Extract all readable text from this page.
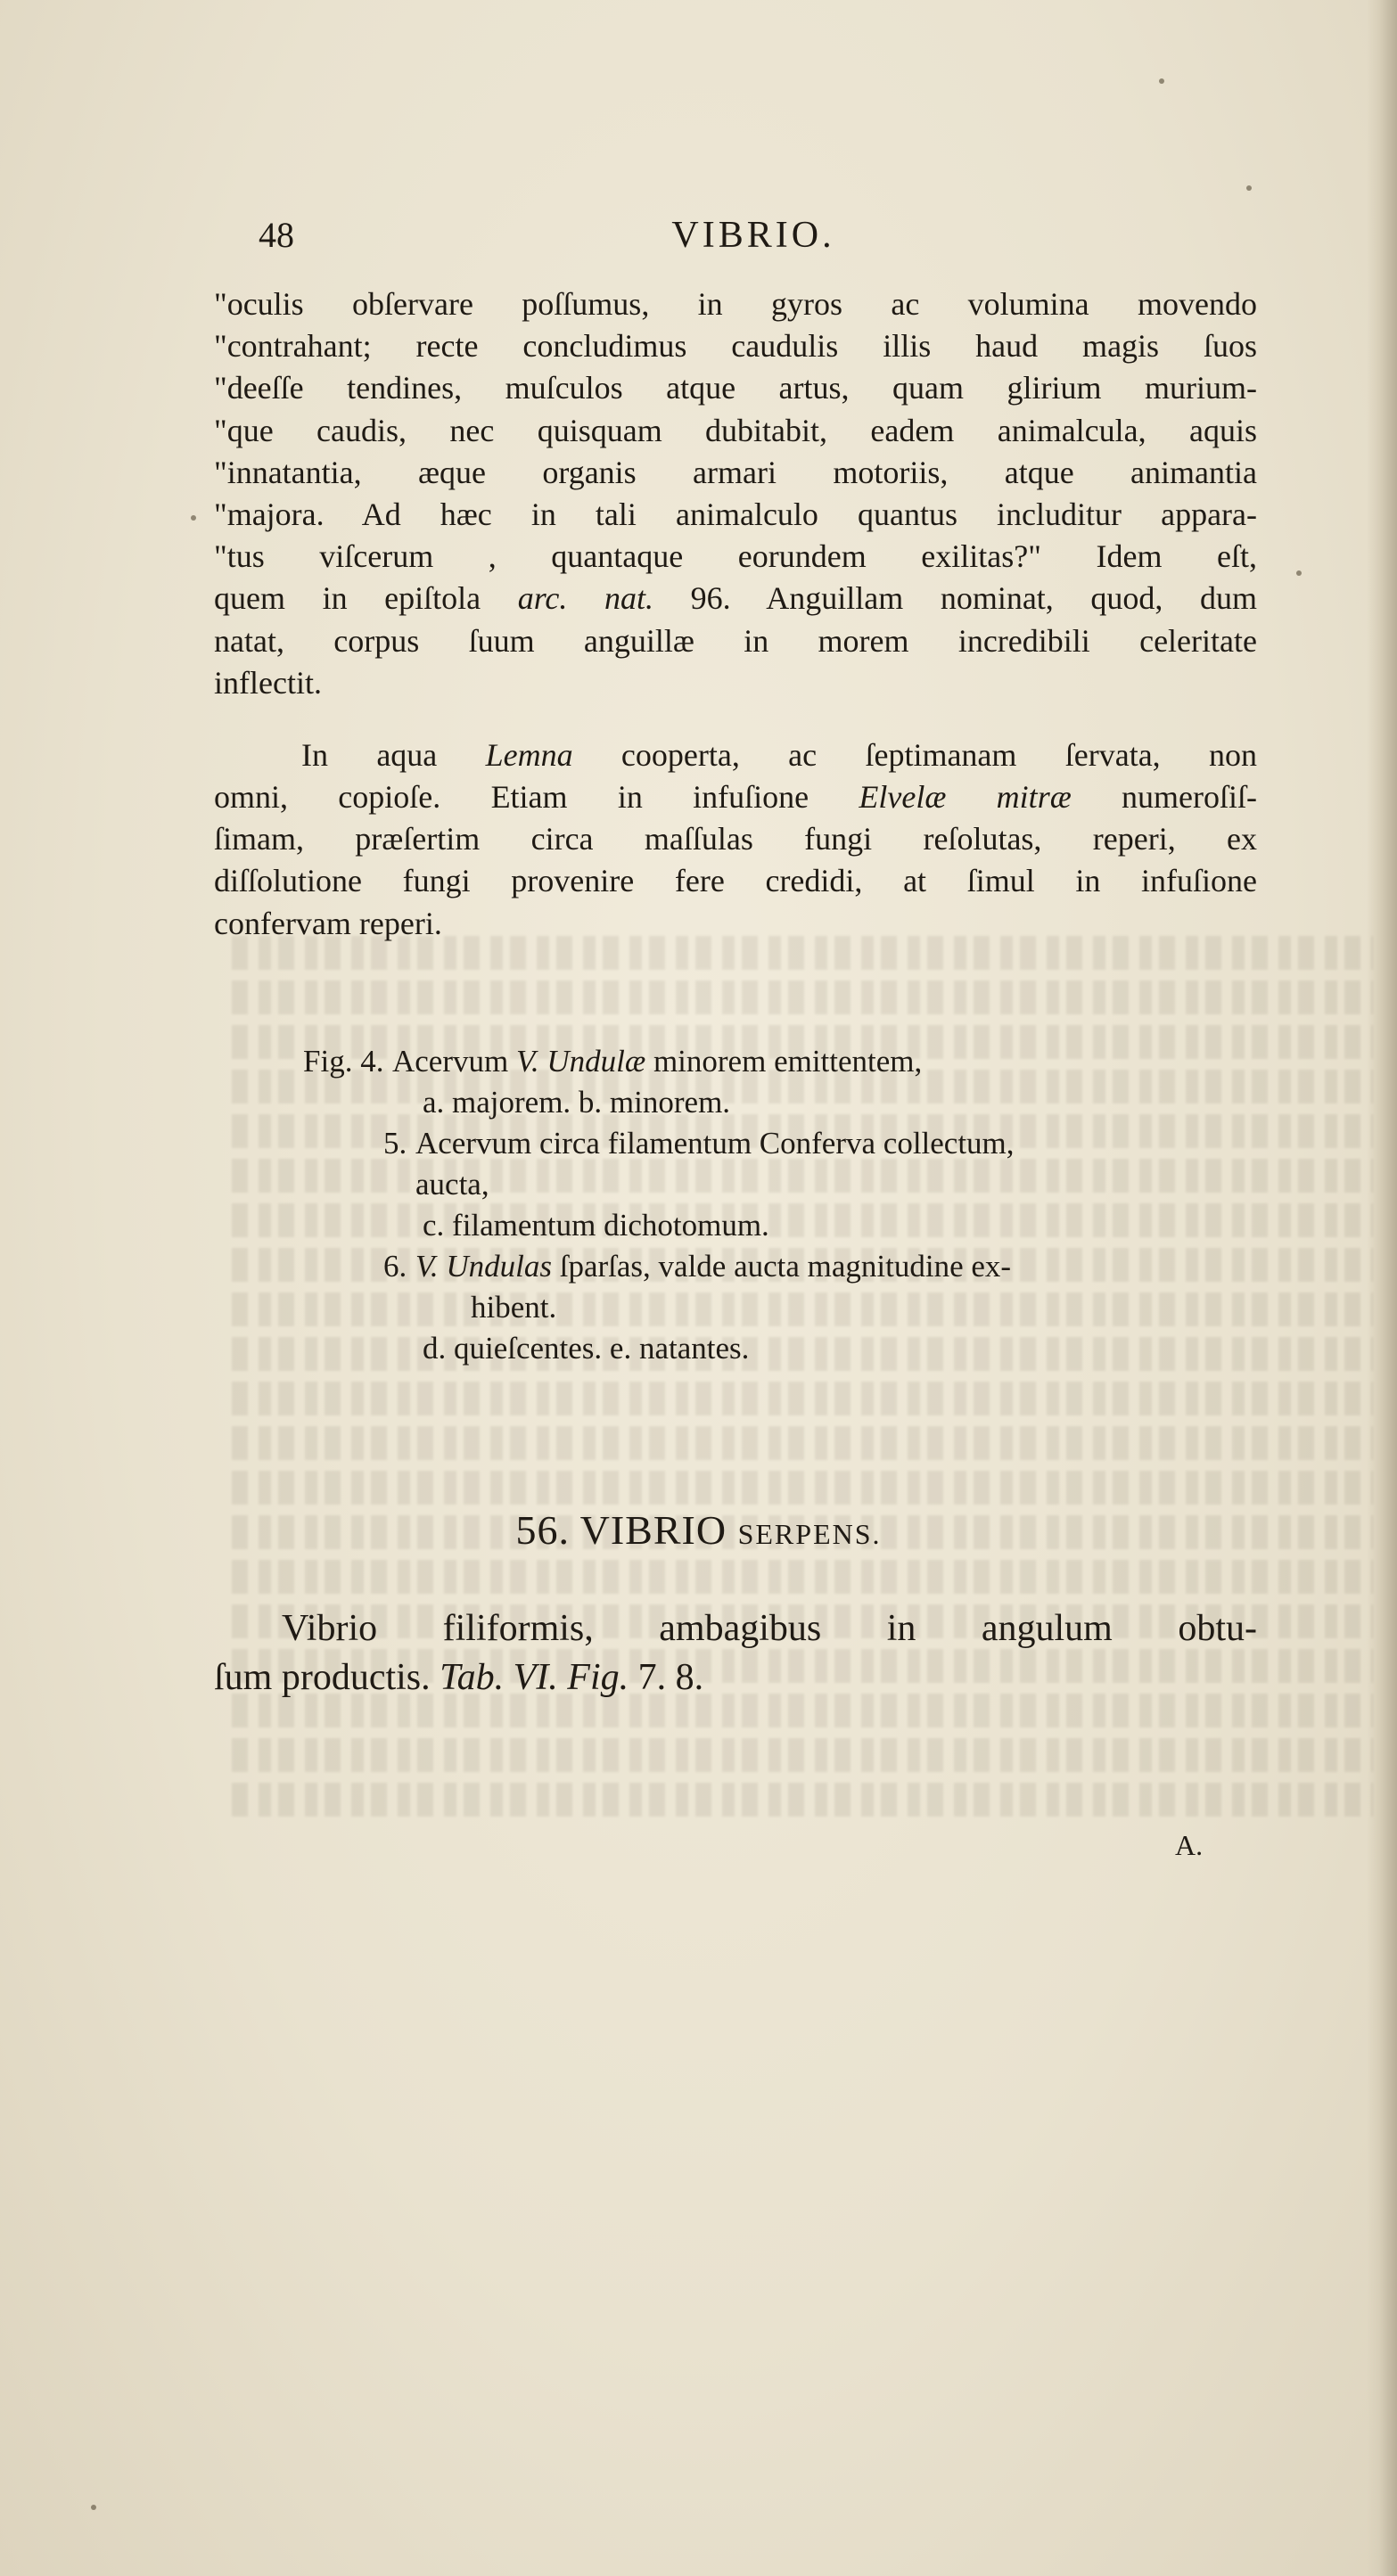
48	VIBRIO.

"oculis obſervare poſſumus, in gyros ac volumina movendo
"contrahant; recte concludimus caudulis illis haud magis ſuos
"deeſſe tendines, muſculos atque artus, quam glirium murium-
"que caudis, nec quisquam dubitabit, eadem animalcula, aquis
"innatantia, æque organis armari motoriis, atque animantia
"majora. Ad hæc in tali animalculo quantus includitur appara-
"tus viſcerum , quantaque eorundem exilitas?" Idem eſt,
quem in epiſtola arc. nat. 96. Anguillam nominat, quod, dum
natat, corpus ſuum anguillæ in morem incredibili celeritate
inflectit.

In aqua Lemna cooperta, ac ſeptimanam ſervata, non
omni, copioſe. Etiam in infuſione Elvelæ mitræ numeroſiſ-
ſimam, præſertim circa maſſulas fungi reſolutas, reperi, ex
diſſolutione fungi provenire fere credidi, at ſimul in infuſione
confervam reperi.

Fig. 4. Acervum V. Undulæ minorem emittentem,
a. majorem. b. minorem.
5. Acervum circa filamentum Conferva collectum,
aucta,
c. filamentum dichotomum.
6. V. Undulas ſparſas, valde aucta magnitudine ex-
hibent.
d. quieſcentes. e. natantes.
56. VIBRIO SERPENS.
Vibrio filiformis, ambagibus in angulum obtu-
ſum productis. Tab. VI. Fig. 7. 8.
A.
